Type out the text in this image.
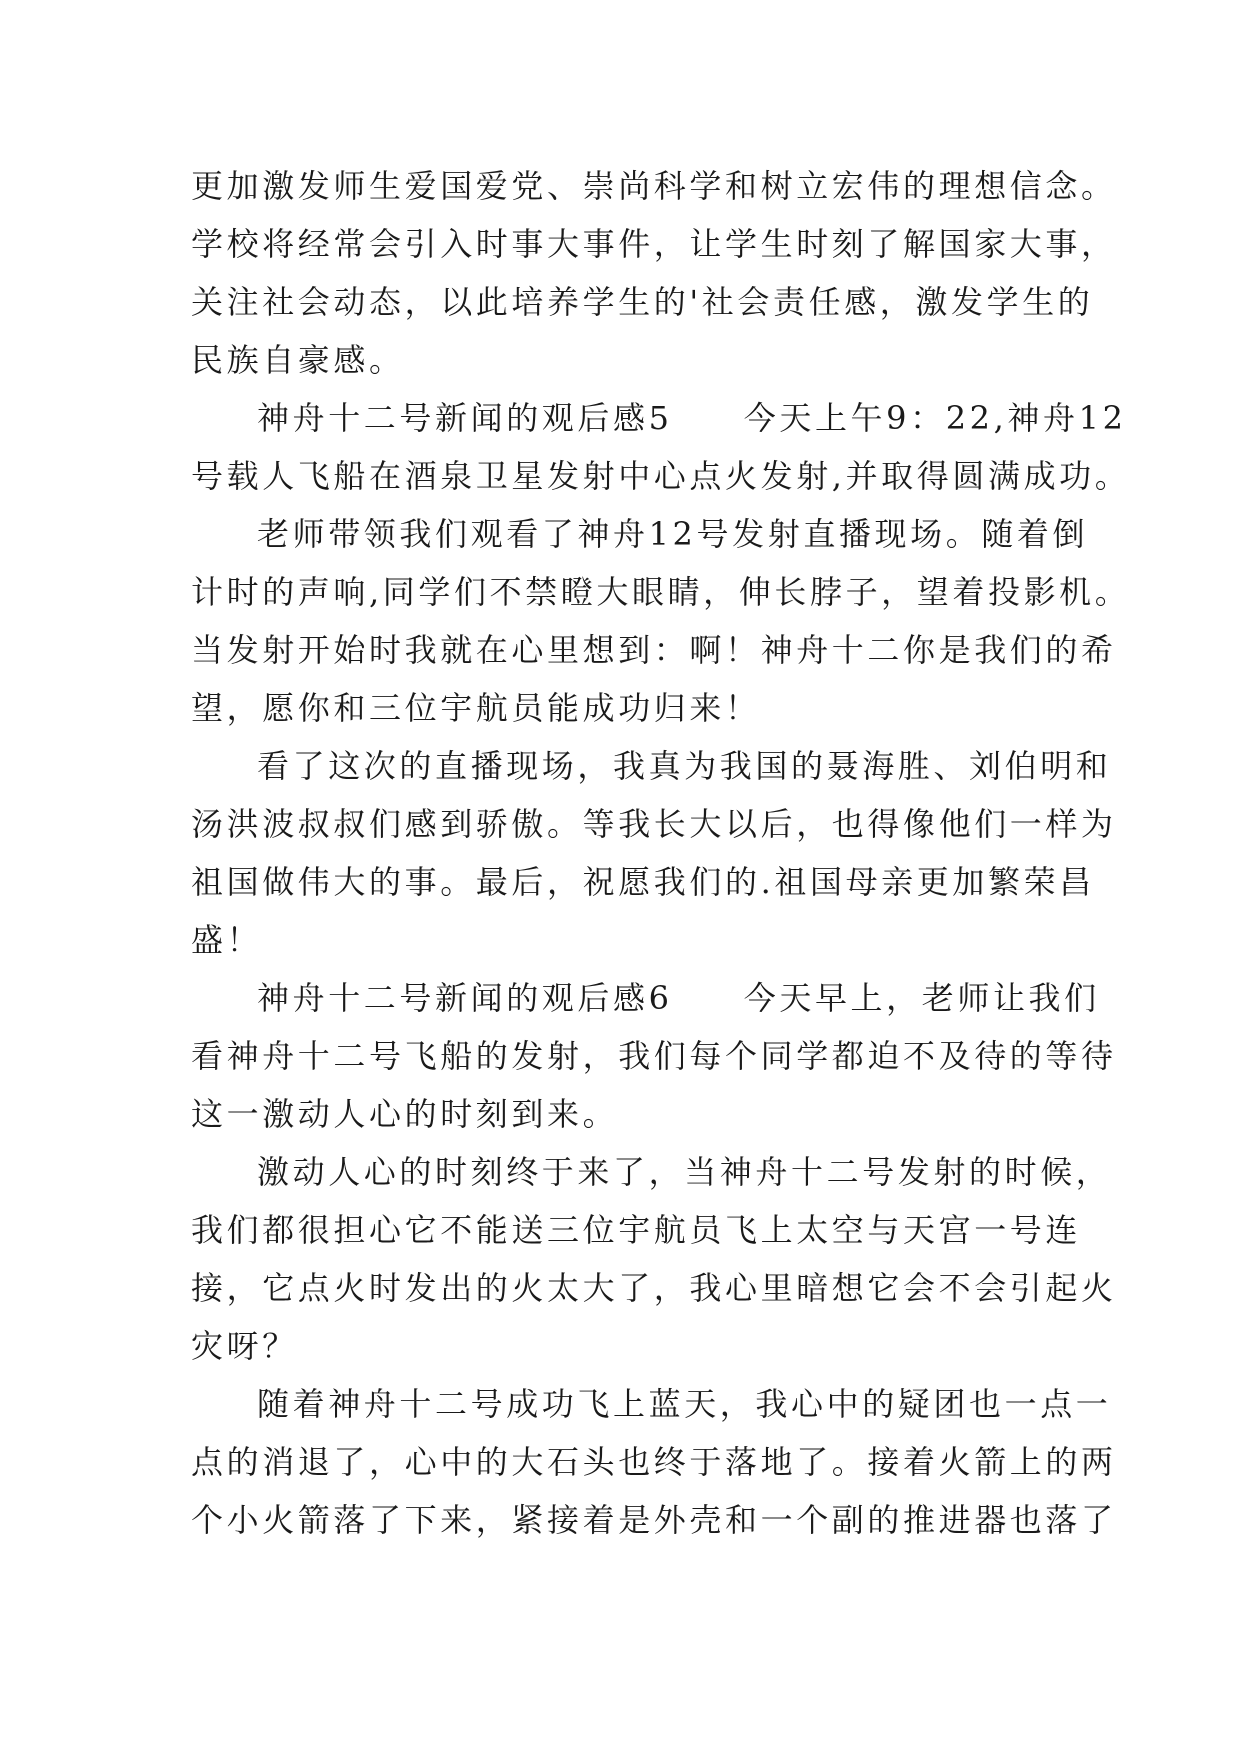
更加激发师生爱国爱党、崇尚科学和树立宏伟的理想信念。
学校将经常会引入时事大事件，让学生时刻了解国家大事，
关注社会动态，以此培养学生的'社会责任感，激发学生的
民族自豪感。
神舟十二号新闻的观后感5　　今天上午9：22,神舟12
号载人飞船在酒泉卫星发射中心点火发射,并取得圆满成功。
老师带领我们观看了神舟12号发射直播现场。随着倒
计时的声响,同学们不禁瞪大眼睛，伸长脖子，望着投影机。
当发射开始时我就在心里想到：啊！神舟十二你是我们的希
望，愿你和三位宇航员能成功归来！
看了这次的直播现场，我真为我国的聂海胜、刘伯明和
汤洪波叔叔们感到骄傲。等我长大以后，也得像他们一样为
祖国做伟大的事。最后，祝愿我们的.祖国母亲更加繁荣昌
盛！
神舟十二号新闻的观后感6　　今天早上，老师让我们
看神舟十二号飞船的发射，我们每个同学都迫不及待的等待
这一激动人心的时刻到来。
激动人心的时刻终于来了，当神舟十二号发射的时候，
我们都很担心它不能送三位宇航员飞上太空与天宫一号连
接，它点火时发出的火太大了，我心里暗想它会不会引起火
灾呀？
随着神舟十二号成功飞上蓝天，我心中的疑团也一点一
点的消退了，心中的大石头也终于落地了。接着火箭上的两
个小火箭落了下来，紧接着是外壳和一个副的推进器也落了
